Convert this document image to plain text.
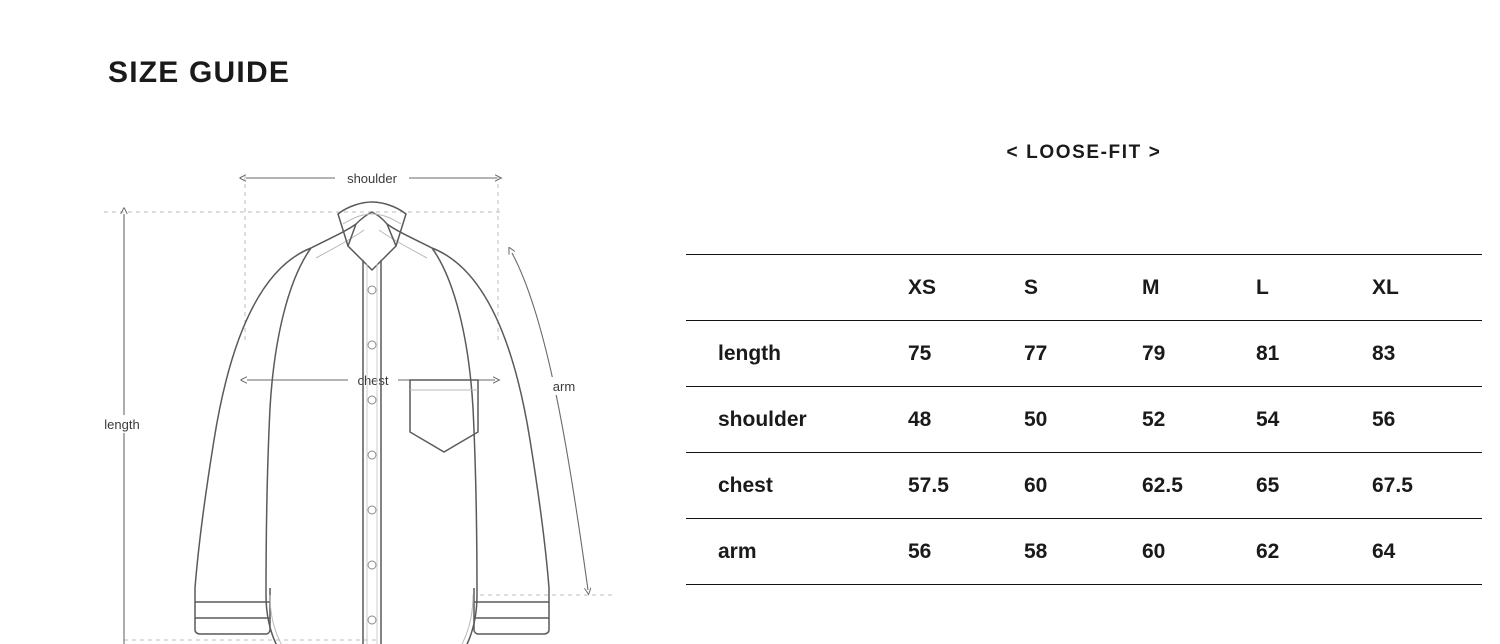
SIZE GUIDE
shoulder
length
chest	arm
< LOOSE-FIT >

	XS	S	M	L	XL
length	75	77	79	81	83
shoulder	48	50	52	54	56
chest	57.5	60	62.5	65	67.5
arm	56	58	60	62	64
